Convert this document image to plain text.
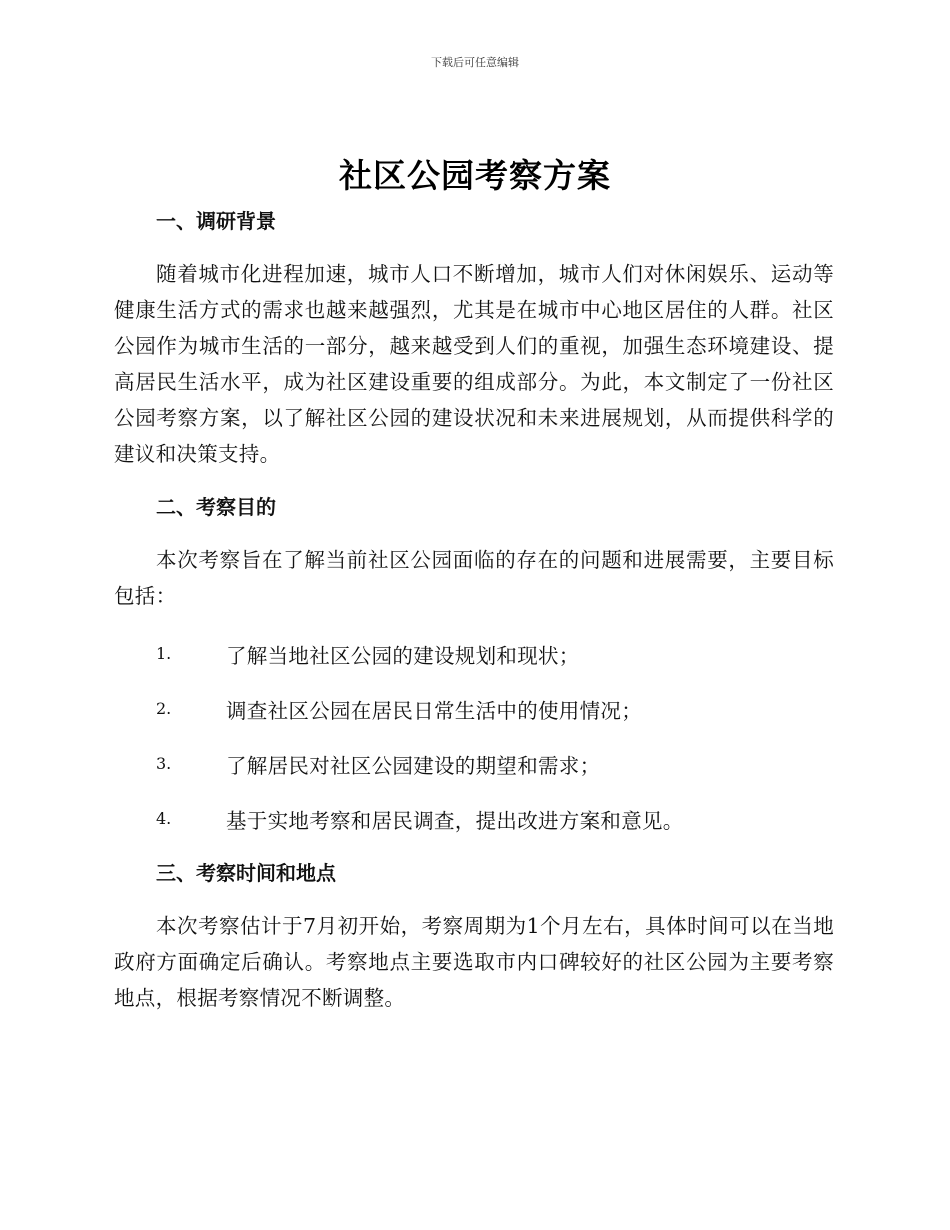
下载后可任意编辑
社区公园考察方案
一、调研背景

随着城市化进程加速，城市人口不断增加，城市人们对休闲娱乐、运动等健康生活方式的需求也越来越强烈，尤其是在城市中心地区居住的人群。社区公园作为城市生活的一部分，越来越受到人们的重视，加强生态环境建设、提高居民生活水平，成为社区建设重要的组成部分。为此，本文制定了一份社区公园考察方案，以了解社区公园的建设状况和未来进展规划，从而提供科学的建议和决策支持。

二、考察目的

本次考察旨在了解当前社区公园面临的存在的问题和进展需要，主要目标包括：

1.	了解当地社区公园的建设规划和现状；
2.	调查社区公园在居民日常生活中的使用情况；
3.	了解居民对社区公园建设的期望和需求；
4.	基于实地考察和居民调查，提出改进方案和意见。
三、考察时间和地点

本次考察估计于7月初开始，考察周期为1个月左右，具体时间可以在当地政府方面确定后确认。考察地点主要选取市内口碑较好的社区公园为主要考察地点，根据考察情况不断调整。
